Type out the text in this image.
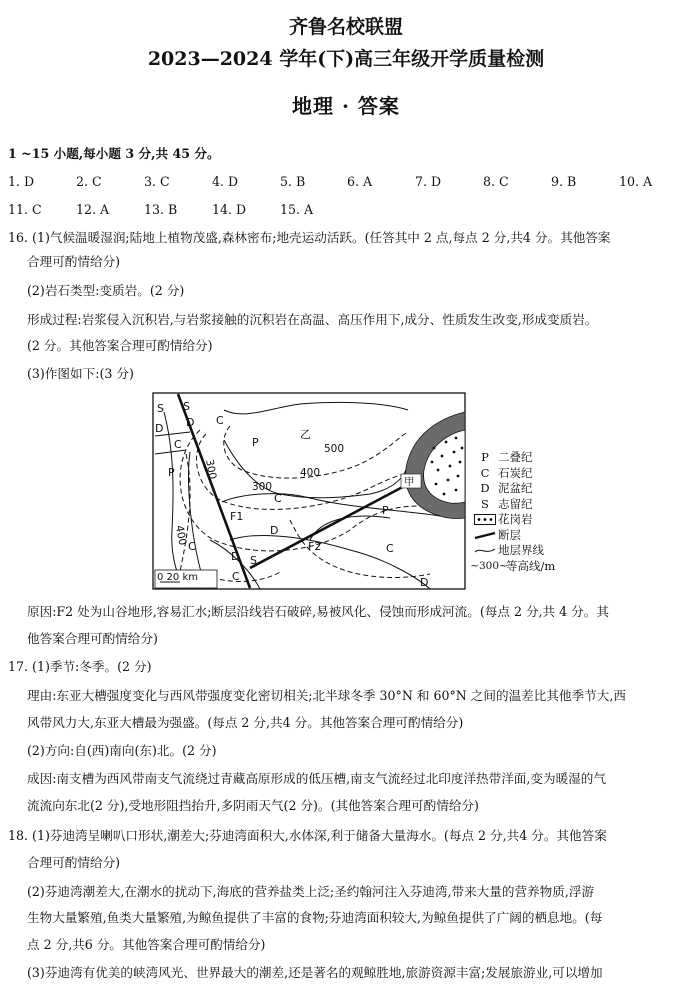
齐鲁名校联盟
2023—2024 学年(下)高三年级开学质量检测
地理 · 答案
1 ~15 小题,每小题 3 分,共 45 分。
1. D	2. C	3. C	4. D	5. B	6. A	7. D	8. C	9. B	10. A
11. C	12. A	13. B	14. D	15. A
16. (1)气候温暖湿润;陆地上植物茂盛,森林密布;地壳运动活跃。(任答其中 2 点,每点 2 分,共4 分。其他答案
合理可酌情给分)
(2)岩石类型:变质岩。(2 分)
形成过程:岩浆侵入沉积岩,与岩浆接触的沉积岩在高温、高压作用下,成分、性质发生改变,形成变质岩。
(2 分。其他答案合理可酌情给分)
(3)作图如下:(3 分)
S S
D C
D
C	P
乙
P
C
P
C
D
D S
C
D
C
F1
F2
500
400
300
300
400
甲
0 20 km
P 二叠纪
C 石炭纪
D 泥盆纪
S 志留纪
花岗岩
断层
地层界线
~300~
等高线/m
原因:F2 处为山谷地形,容易汇水;断层沿线岩石破碎,易被风化、侵蚀而形成河流。(每点 2 分,共 4 分。其
他答案合理可酌情给分)
17. (1)季节:冬季。(2 分)
理由:东亚大槽强度变化与西风带强度变化密切相关;北半球冬季 30°N 和 60°N 之间的温差比其他季节大,西
风带风力大,东亚大槽最为强盛。(每点 2 分,共4 分。其他答案合理可酌情给分)
(2)方向:自(西)南向(东)北。(2 分)
成因:南支槽为西风带南支气流绕过青藏高原形成的低压槽,南支气流经过北印度洋热带洋面,变为暖湿的气
流流向东北(2 分),受地形阻挡抬升,多阴雨天气(2 分)。(其他答案合理可酌情给分)
18. (1)芬迪湾呈喇叭口形状,潮差大;芬迪湾面积大,水体深,利于储备大量海水。(每点 2 分,共4 分。其他答案
合理可酌情给分)
(2)芬迪湾潮差大,在潮水的扰动下,海底的营养盐类上泛;圣约翰河注入芬迪湾,带来大量的营养物质,浮游
生物大量繁殖,鱼类大量繁殖,为鲸鱼提供了丰富的食物;芬迪湾面积较大,为鲸鱼提供了广阔的栖息地。(每
点 2 分,共6 分。其他答案合理可酌情给分)
(3)芬迪湾有优美的峡湾风光、世界最大的潮差,还是著名的观鲸胜地,旅游资源丰富;发展旅游业,可以增加
